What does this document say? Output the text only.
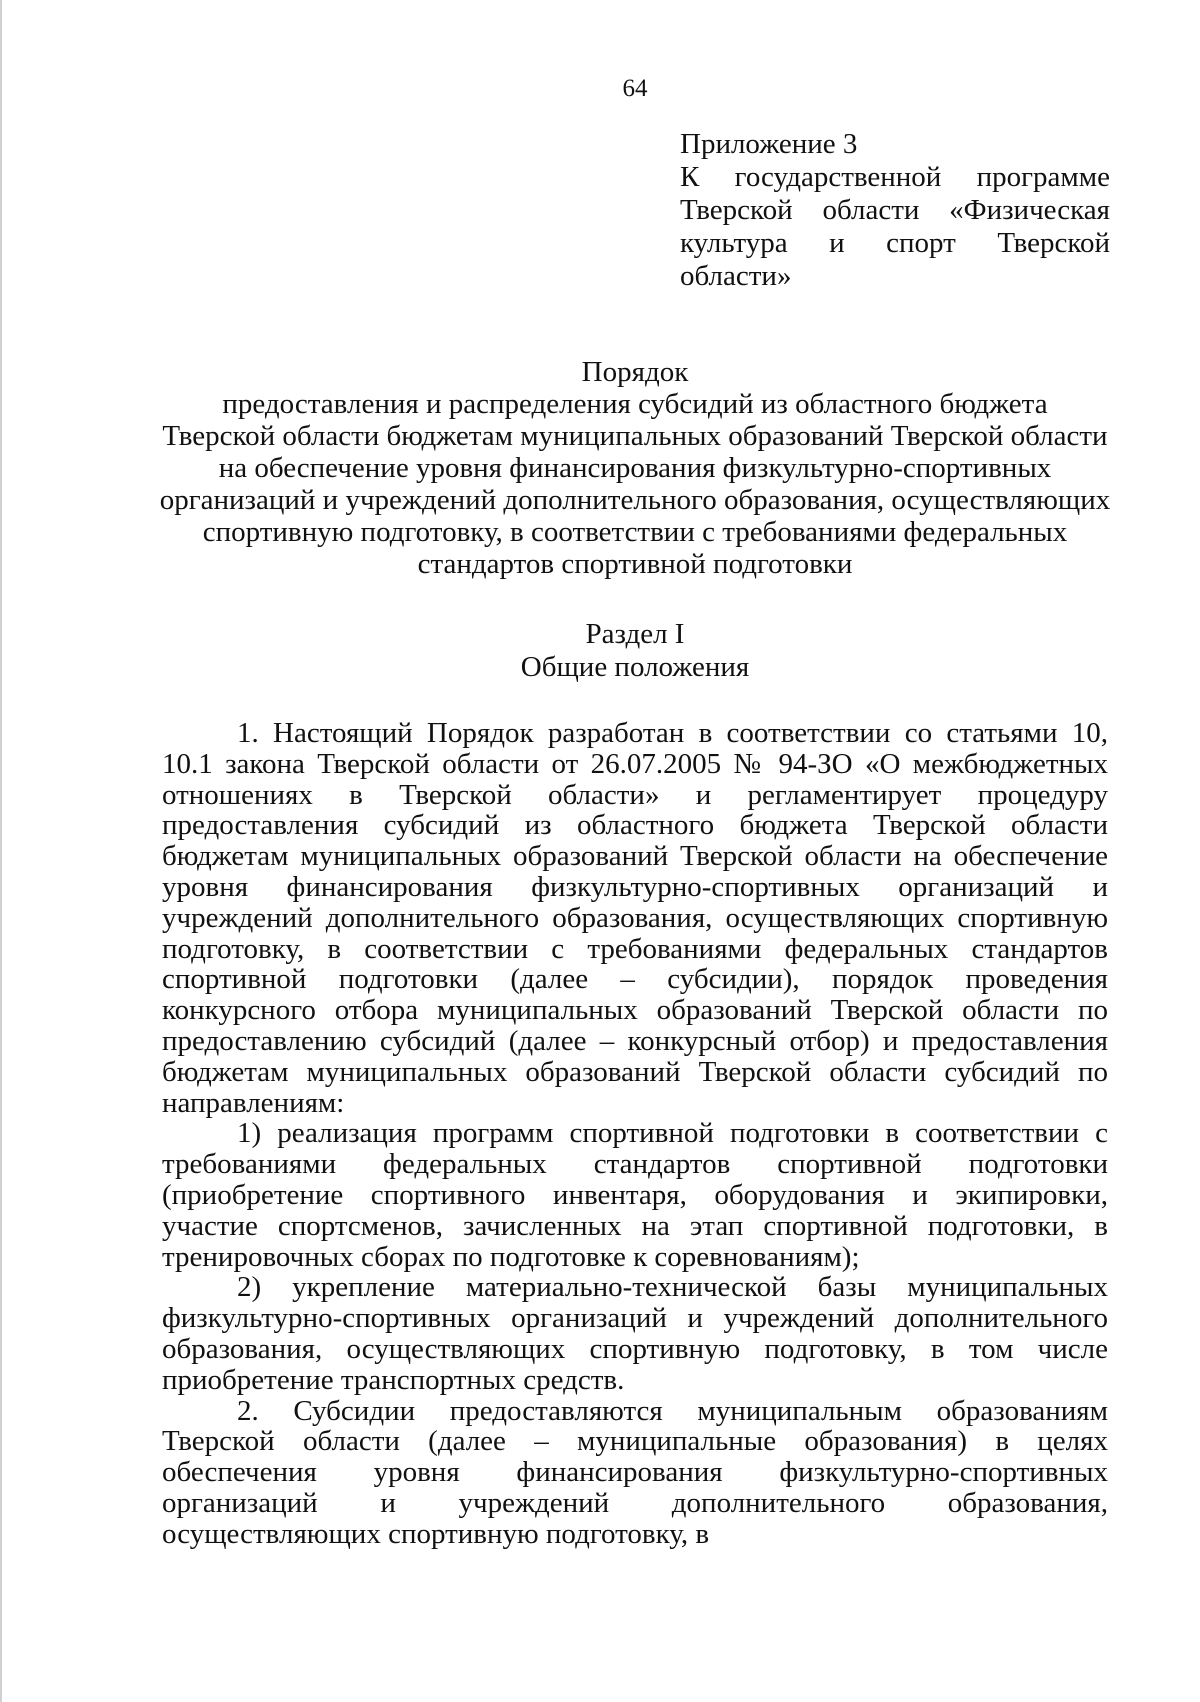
64
Приложение 3
К государственной программе
Тверской области «Физическая
культура и спорт Тверской
области»
Порядок
предоставления и распределения субсидий из областного бюджета
Тверской области бюджетам муниципальных образований Тверской области
на обеспечение уровня финансирования физкультурно-спортивных
организаций и учреждений дополнительного образования, осуществляющих
спортивную подготовку, в соответствии с требованиями федеральных
стандартов спортивной подготовки
Раздел I
Общие положения

1. Настоящий Порядок разработан в соответствии со статьями 10, 10.1 закона Тверской области от 26.07.2005 № 94-ЗО «О межбюджетных отношениях в Тверской области» и регламентирует процедуру предоставления субсидий из областного бюджета Тверской области бюджетам муниципальных образований Тверской области на обеспечение уровня финансирования физкультурно-спортивных организаций и учреждений дополнительного образования, осуществляющих спортивную подготовку, в соответствии с требованиями федеральных стандартов спортивной подготовки (далее – субсидии), порядок проведения конкурсного отбора муниципальных образований Тверской области по предоставлению субсидий (далее – конкурсный отбор) и предоставления бюджетам муниципальных образований Тверской области субсидий по направлениям:

1) реализация программ спортивной подготовки в соответствии с требованиями федеральных стандартов спортивной подготовки (приобретение спортивного инвентаря, оборудования и экипировки, участие спортсменов, зачисленных на этап спортивной подготовки, в тренировочных сборах по подготовке к соревнованиям);

2) укрепление материально-технической базы муниципальных физкультурно-спортивных организаций и учреждений дополнительного образования, осуществляющих спортивную подготовку, в том числе приобретение транспортных средств.

2. Субсидии предоставляются муниципальным образованиям Тверской области (далее – муниципальные образования) в целях обеспечения уровня финансирования физкультурно-спортивных организаций и учреждений дополнительного образования, осуществляющих спортивную подготовку, в
